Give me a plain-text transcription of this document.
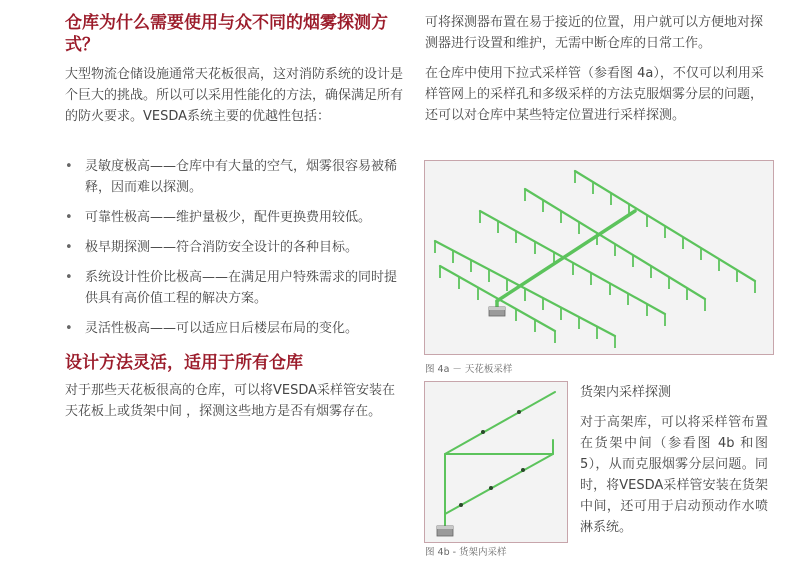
仓库为什么需要使用与众不同的烟雾探测方式？

大型物流仓储设施通常天花板很高，这对消防系统的设计是个巨大的挑战。所以可以采用性能化的方法，确保满足所有的防火要求。VESDA系统主要的优越性包括：

• 灵敏度极高——仓库中有大量的空气，烟雾很容易被稀释，因而难以探测。
• 可靠性极高——维护量极少，配件更换费用较低。
• 极早期探测——符合消防安全设计的各种目标。
• 系统设计性价比极高——在满足用户特殊需求的同时提供具有高价值工程的解决方案。
• 灵活性极高——可以适应日后楼层布局的变化。
设计方法灵活，适用于所有仓库

对于那些天花板很高的仓库，可以将VESDA采样管安装在天花板上或货架中间 ，探测这些地方是否有烟雾存在。

可将探测器布置在易于接近的位置，用户就可以方便地对探测器进行设置和维护，无需中断仓库的日常工作。

在仓库中使用下拉式采样管（参看图 4a），不仅可以利用采样管网上的采样孔和多级采样的方法克服烟雾分层的问题，还可以对仓库中某些特定位置进行采样探测。

图 4a － 天花板采样
图 4b - 货架内采样

货架内采样探测

对于高架库，可以将采样管布置在货架中间（参看图 4b 和图 5），从而克服烟雾分层问题。同时，将VESDA采样管安装在货架中间，还可用于启动预动作水喷淋系统。
